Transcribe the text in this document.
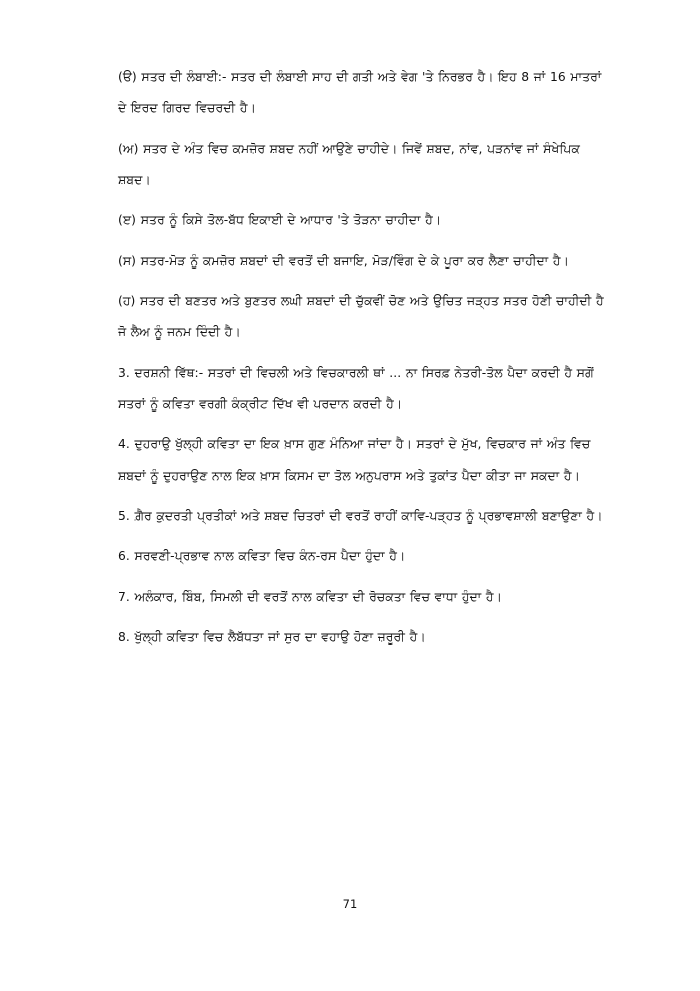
(ੳ) ਸਤਰ ਦੀ ਲੰਬਾਈ:- ਸਤਰ ਦੀ ਲੰਬਾਈ ਸਾਹ ਦੀ ਗਤੀ ਅਤੇ ਵੇਗ 'ਤੇ ਨਿਰਭਰ ਹੈ। ਇਹ 8 ਜਾਂ 16 ਮਾਤਰਾਂ ਦੇ ਇਰਦ ਗਿਰਦ ਵਿਚਰਦੀ ਹੈ।

(ਅ) ਸਤਰ ਦੇ ਅੰਤ ਵਿਚ ਕਮਜ਼ੋਰ ਸ਼ਬਦ ਨਹੀਂ ਆਉਣੇ ਚਾਹੀਦੇ। ਜਿਵੇਂ ਸ਼ਬਦ, ਨਾਂਵ, ਪੜਨਾਂਵ ਜਾਂ ਸੰਖੇਪਿਕ ਸ਼ਬਦ।

(ੲ) ਸਤਰ ਨੂੰ ਕਿਸੇ ਤੋਲ-ਬੱਧ ਇਕਾਈ ਦੇ ਆਧਾਰ 'ਤੇ ਤੋੜਨਾ ਚਾਹੀਦਾ ਹੈ।

(ਸ) ਸਤਰ-ਮੋੜ ਨੂੰ ਕਮਜ਼ੋਰ ਸ਼ਬਦਾਂ ਦੀ ਵਰਤੋਂ ਦੀ ਬਜਾਇ, ਮੋੜ/ਵਿੰਗ ਦੇ ਕੇ ਪੂਰਾ ਕਰ ਲੈਣਾ ਚਾਹੀਦਾ ਹੈ।

(ਹ) ਸਤਰ ਦੀ ਬਣਤਰ ਅਤੇ ਬੁਣਤਰ ਲਘੀ ਸ਼ਬਦਾਂ ਦੀ ਚੁੱਕਵੀਂ ਚੋਣ ਅਤੇ ਉਚਿਤ ਜੜ੍ਹਤ ਸਤਰ ਹੋਣੀ ਚਾਹੀਦੀ ਹੈ ਜੋ ਲੈਅ ਨੂੰ ਜਨਮ ਦਿੰਦੀ ਹੈ।

3. ਦਰਸ਼ਨੀ ਵਿੱਥ:- ਸਤਰਾਂ ਦੀ ਵਿਚਲੀ ਅਤੇ ਵਿਚਕਾਰਲੀ ਥਾਂ ... ਨਾ ਸਿਰਫ਼ ਨੇਤਰੀ-ਤੋਲ ਪੈਦਾ ਕਰਦੀ ਹੈ ਸਗੋਂ ਸਤਰਾਂ ਨੂੰ ਕਵਿਤਾ ਵਰਗੀ ਕੰਕ੍ਰੀਟ ਦਿੱਖ ਵੀ ਪਰਦਾਨ ਕਰਦੀ ਹੈ।

4. ਦੁਹਰਾਉ ਖੁੱਲ੍ਹੀ ਕਵਿਤਾ ਦਾ ਇਕ ਖ਼ਾਸ ਗੁਣ ਮੰਨਿਆ ਜਾਂਦਾ ਹੈ। ਸਤਰਾਂ ਦੇ ਮੁੱਖ, ਵਿਚਕਾਰ ਜਾਂ ਅੰਤ ਵਿਚ ਸ਼ਬਦਾਂ ਨੂੰ ਦੁਹਰਾਉਣ ਨਾਲ ਇਕ ਖ਼ਾਸ ਕਿਸਮ ਦਾ ਤੋਲ ਅਨੁਪਰਾਸ ਅਤੇ ਤੁਕਾਂਤ ਪੈਦਾ ਕੀਤਾ ਜਾ ਸਕਦਾ ਹੈ।

5. ਗ਼ੈਰ ਕੁਦਰਤੀ ਪ੍ਰਤੀਕਾਂ ਅਤੇ ਸ਼ਬਦ ਚਿਤਰਾਂ ਦੀ ਵਰਤੋਂ ਰਾਹੀਂ ਕਾਵਿ-ਪੜ੍ਹਤ ਨੂੰ ਪ੍ਰਭਾਵਸ਼ਾਲੀ ਬਣਾਉਣਾ ਹੈ।

6. ਸਰਵਣੀ-ਪ੍ਰਭਾਵ ਨਾਲ ਕਵਿਤਾ ਵਿਚ ਕੰਨ-ਰਸ ਪੈਦਾ ਹੁੰਦਾ ਹੈ।

7. ਅਲੰਕਾਰ, ਬਿੰਬ, ਸਿਮਲੀ ਦੀ ਵਰਤੋਂ ਨਾਲ ਕਵਿਤਾ ਦੀ ਰੋਚਕਤਾ ਵਿਚ ਵਾਧਾ ਹੁੰਦਾ ਹੈ।

8. ਖੁੱਲ੍ਹੀ ਕਵਿਤਾ ਵਿਚ ਲੈਬੱਧਤਾ ਜਾਂ ਸੁਰ ਦਾ ਵਹਾਉ ਹੋਣਾ ਜ਼ਰੂਰੀ ਹੈ।

71
